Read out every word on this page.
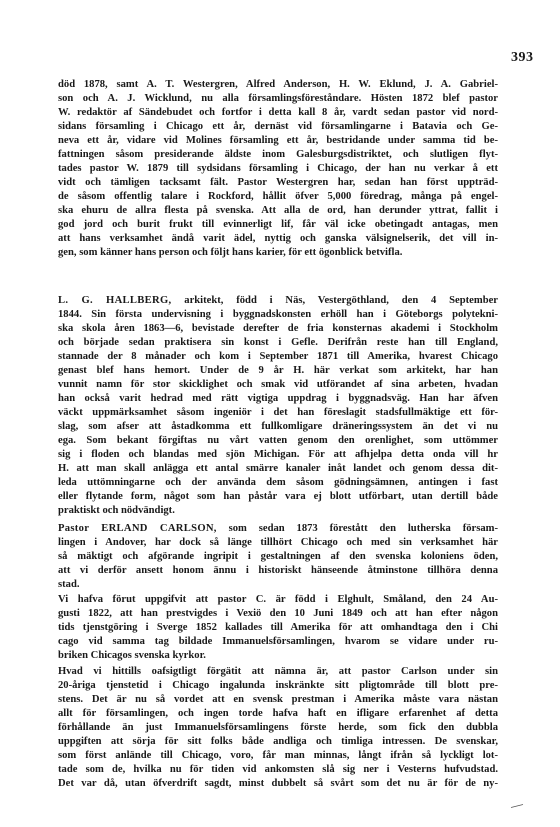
393
död 1878, samt A. T. Westergren, Alfred Anderson, H. W. Eklund, J. A. Gabriel-
son och A. J. Wicklund, nu alla församlingsföreståndare. Hösten 1872 blef pastor
W. redaktör af Sändebudet och fortfor i detta kall 8 år, vardt sedan pastor vid nord-
sidans församling i Chicago ett år, dernäst vid församlingarne i Batavia och Ge-
neva ett år, vidare vid Molines församling ett år, bestridande under samma tid be-
fattningen såsom presiderande äldste inom Galesburgsdistriktet, och slutligen flyt-
tades pastor W. 1879 till sydsidans församling i Chicago, der han nu verkar å ett
vidt och tämligen tacksamt fält. Pastor Westergren har, sedan han först uppträd-
de såsom offentlig talare i Rockford, hållit öfver 5,000 föredrag, många på engel-
ska ehuru de allra flesta på svenska. Att alla de ord, han derunder yttrat, fallit i
god jord och burit frukt till evinnerligt lif, får väl icke obetingadt antagas, men
att hans verksamhet ändå varit ädel, nyttig och ganska välsignelserik, det vill in-
gen, som känner hans person och följt hans karier, för ett ögonblick betvifla.
L. G. HALLBERG, arkitekt, född i Näs, Vestergöthland, den 4 September
1844. Sin första undervisning i byggnadskonsten erhöll han i Göteborgs polytekni-
ska skola åren 1863—6, bevistade derefter de fria konsternas akademi i Stockholm
och började sedan praktisera sin konst i Gefle. Derifrån reste han till England,
stannade der 8 månader och kom i September 1871 till Amerika, hvarest Chicago
genast blef hans hemort. Under de 9 år H. här verkat som arkitekt, har han
vunnit namn för stor skicklighet och smak vid utförandet af sina arbeten, hvadan
han också varit hedrad med rätt vigtiga uppdrag i byggnadsväg. Han har äfven
väckt uppmärksamhet såsom ingeniör i det han föreslagit stadsfullmäktige ett för-
slag, som afser att åstadkomma ett fullkomligare dräneringssystem än det vi nu
ega. Som bekant förgiftas nu vårt vatten genom den orenlighet, som uttömmer
sig i floden och blandas med sjön Michigan. För att afhjelpa detta onda vill hr
H. att man skall anlägga ett antal smärre kanaler inåt landet och genom dessa dit-
leda uttömningarne och der använda dem såsom gödningsämnen, antingen i fast
eller flytande form, något som han påstår vara ej blott utförbart, utan dertill både
praktiskt och nödvändigt.
Pastor ERLAND CARLSON, som sedan 1873 förestått den lutherska försam-
lingen i Andover, har dock så länge tillhört Chicago och med sin verksamhet här
så mäktigt och afgörande ingripit i gestaltningen af den svenska koloniens öden,
att vi derför ansett honom ännu i historiskt hänseende åtminstone tillhöra denna
stad.
Vi hafva förut uppgifvit att pastor C. är född i Elghult, Småland, den 24 Au-
gusti 1822, att han prestvigdes i Vexiö den 10 Juni 1849 och att han efter någon
tids tjenstgöring i Sverge 1852 kallades till Amerika för att omhandtaga den i Chi
cago vid samma tag bildade Immanuelsförsamlingen, hvarom se vidare under ru-
briken Chicagos svenska kyrkor.
Hvad vi hittills oafsigtligt förgätit att nämna är, att pastor Carlson under sin
20-åriga tjenstetid i Chicago ingalunda inskränkte sitt pligtområde till blott pre-
stens. Det är nu så vordet att en svensk prestman i Amerika måste vara nästan
allt för församlingen, och ingen torde hafva haft en ifligare erfarenhet af detta
förhållande än just Immanuelsförsamlingens förste herde, som fick den dubbla
uppgiften att sörja för sitt folks både andliga och timliga intressen. De svenskar,
som först anlände till Chicago, voro, får man minnas, långt ifrån så lyckligt lot-
tade som de, hvilka nu för tiden vid ankomsten slå sig ner i Vesterns hufvudstad.
Det var då, utan öfverdrift sagdt, minst dubbelt så svårt som det nu är för de ny-
